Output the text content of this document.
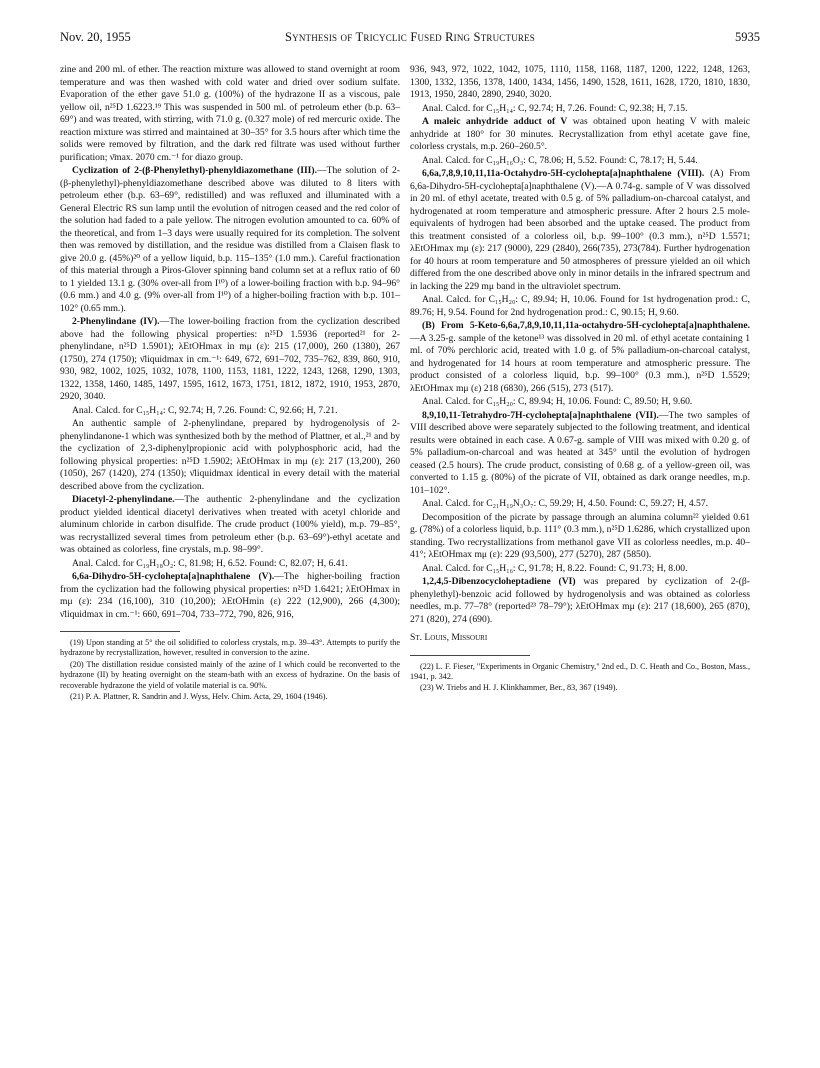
Nov. 20, 1955	Synthesis of Tricyclic Fused Ring Structures	5935

zine and 200 ml. of ether. The reaction mixture was allowed to stand overnight at room temperature and was then washed with cold water and dried over sodium sulfate. Evaporation of the ether gave 51.0 g. (100%) of the hydrazone II as a viscous, pale yellow oil, n²⁵D 1.6223.¹⁹ This was suspended in 500 ml. of petroleum ether (b.p. 63–69°) and was treated, with stirring, with 71.0 g. (0.327 mole) of red mercuric oxide. The reaction mixture was stirred and maintained at 30–35° for 3.5 hours after which time the solids were removed by filtration, and the dark red filtrate was used without further purification; ν̄max. 2070 cm.⁻¹ for diazo group.

Cyclization of 2-(β-Phenylethyl)-phenyldiazomethane (III).—The solution of 2-(β-phenylethyl)-phenyldiazomethane described above was diluted to 8 liters with petroleum ether (b.p. 63–69°, redistilled) and was refluxed and illuminated with a General Electric RS sun lamp until the evolution of nitrogen ceased and the red color of the solution had faded to a pale yellow. The nitrogen evolution amounted to ca. 60% of the theoretical, and from 1–3 days were usually required for its completion. The solvent then was removed by distillation, and the residue was distilled from a Claisen flask to give 20.0 g. (45%)²⁰ of a yellow liquid, b.p. 115–135° (1.0 mm.). Careful fractionation of this material through a Piros-Glover spinning band column set at a reflux ratio of 60 to 1 yielded 13.1 g. (30% over-all from I¹⁰) of a lower-boiling fraction with b.p. 94–96° (0.6 mm.) and 4.0 g. (9% over-all from I¹⁰) of a higher-boiling fraction with b.p. 101–102° (0.65 mm.).

2-Phenylindane (IV).—The lower-boiling fraction from the cyclization described above had the following physical properties: n²⁵D 1.5936 (reported²¹ for 2-phenylindane, n²⁵D 1.5901); λEtOHmax in mμ (ε): 215 (17,000), 260 (1380), 267 (1750), 274 (1750); ν̄liquidmax in cm.⁻¹: 649, 672, 691–702, 735–762, 839, 860, 910, 930, 982, 1002, 1025, 1032, 1078, 1100, 1153, 1181, 1222, 1243, 1268, 1290, 1303, 1322, 1358, 1460, 1485, 1497, 1595, 1612, 1673, 1751, 1812, 1872, 1910, 1953, 2870, 2920, 3040.

Anal. Calcd. for C₁₅H₁₄: C, 92.74; H, 7.26. Found: C, 92.66; H, 7.21.

An authentic sample of 2-phenylindane, prepared by hydrogenolysis of 2-phenylindanone-1 which was synthesized both by the method of Plattner, et al.,²¹ and by the cyclization of 2,3-diphenylpropionic acid with polyphosphoric acid, had the following physical properties: n²⁵D 1.5902; λEtOHmax in mμ (ε): 217 (13,200), 260 (1050), 267 (1420), 274 (1350); ν̄liquidmax identical in every detail with the material described above from the cyclization.

Diacetyl-2-phenylindane.—The authentic 2-phenylindane and the cyclization product yielded identical diacetyl derivatives when treated with acetyl chloride and aluminum chloride in carbon disulfide. The crude product (100% yield), m.p. 79–85°, was recrystallized several times from petroleum ether (b.p. 63–69°)-ethyl acetate and was obtained as colorless, fine crystals, m.p. 98–99°.

Anal. Calcd. for C₁₉H₁₈O₂: C, 81.98; H, 6.52. Found: C, 82.07; H, 6.41.

6,6a-Dihydro-5H-cyclohepta[a]naphthalene (V).—The higher-boiling fraction from the cyclization had the following physical properties: n²⁵D 1.6421; λEtOHmax in mμ (ε): 234 (16,100), 310 (10,200); λEtOHmin (ε) 222 (12,900), 266 (4,300); ν̄liquidmax in cm.⁻¹: 660, 691–704, 733–772, 790, 826, 916,

(19) Upon standing at 5° the oil solidified to colorless crystals, m.p. 39–43°. Attempts to purify the hydrazone by recrystallization, however, resulted in conversion to the azine.

(20) The distillation residue consisted mainly of the azine of I which could be reconverted to the hydrazone (II) by heating overnight on the steam-bath with an excess of hydrazine. On the basis of recoverable hydrazone the yield of volatile material is ca. 90%.

(21) P. A. Plattner, R. Sandrin and J. Wyss, Helv. Chim. Acta, 29, 1604 (1946).

936, 943, 972, 1022, 1042, 1075, 1110, 1158, 1168, 1187, 1200, 1222, 1248, 1263, 1300, 1332, 1356, 1378, 1400, 1434, 1456, 1490, 1528, 1611, 1628, 1720, 1810, 1830, 1913, 1950, 2840, 2890, 2940, 3020.

Anal. Calcd. for C₁₅H₁₄: C, 92.74; H, 7.26. Found: C, 92.38; H, 7.15.

A maleic anhydride adduct of V was obtained upon heating V with maleic anhydride at 180° for 30 minutes. Recrystallization from ethyl acetate gave fine, colorless crystals, m.p. 260–260.5°.

Anal. Calcd. for C₁₉H₁₆O₃: C, 78.06; H, 5.52. Found: C, 78.17; H, 5.44.

6,6a,7,8,9,10,11,11a-Octahydro-5H-cyclohepta[a]naphthalene (VIII). (A) From 6,6a-Dihydro-5H-cyclohepta[a]naphthalene (V).—A 0.74-g. sample of V was dissolved in 20 ml. of ethyl acetate, treated with 0.5 g. of 5% palladium-on-charcoal catalyst, and hydrogenated at room temperature and atmospheric pressure. After 2 hours 2.5 mole-equivalents of hydrogen had been absorbed and the uptake ceased. The product from this treatment consisted of a colorless oil, b.p. 99–100° (0.3 mm.), n²⁵D 1.5571; λEtOHmax mμ (ε): 217 (9000), 229 (2840), 266(735), 273(784). Further hydrogenation for 40 hours at room temperature and 50 atmospheres of pressure yielded an oil which differed from the one described above only in minor details in the infrared spectrum and in lacking the 229 mμ band in the ultraviolet spectrum.

Anal. Calcd. for C₁₅H₂₀: C, 89.94; H, 10.06. Found for 1st hydrogenation prod.: C, 89.76; H, 9.54. Found for 2nd hydrogenation prod.: C, 90.15; H, 9.60.

(B) From 5-Keto-6,6a,7,8,9,10,11,11a-octahydro-5H-cyclohepta[a]naphthalene.—A 3.25-g. sample of the ketone¹³ was dissolved in 20 ml. of ethyl acetate containing 1 ml. of 70% perchloric acid, treated with 1.0 g. of 5% palladium-on-charcoal catalyst, and hydrogenated for 14 hours at room temperature and atmospheric pressure. The product consisted of a colorless liquid, b.p. 99–100° (0.3 mm.), n²⁵D 1.5529; λEtOHmax mμ (ε) 218 (6830), 266 (515), 273 (517).

Anal. Calcd. for C₁₅H₂₀: C, 89.94; H, 10.06. Found: C, 89.50; H, 9.60.

8,9,10,11-Tetrahydro-7H-cyclohepta[a]naphthalene (VII).—The two samples of VIII described above were separately subjected to the following treatment, and identical results were obtained in each case. A 0.67-g. sample of VIII was mixed with 0.20 g. of 5% palladium-on-charcoal and was heated at 345° until the evolution of hydrogen ceased (2.5 hours). The crude product, consisting of 0.68 g. of a yellow-green oil, was converted to 1.15 g. (80%) of the picrate of VII, obtained as dark orange needles, m.p. 101–102°.

Anal. Calcd. for C₂₁H₁₉N₃O₇: C, 59.29; H, 4.50. Found: C, 59.27; H, 4.57.

Decomposition of the picrate by passage through an alumina column²² yielded 0.61 g. (78%) of a colorless liquid, b.p. 111° (0.3 mm.), n²⁵D 1.6286, which crystallized upon standing. Two recrystallizations from methanol gave VII as colorless needles, m.p. 40–41°; λEtOHmax mμ (ε): 229 (93,500), 277 (5270), 287 (5850).

Anal. Calcd. for C₁₅H₁₆: C, 91.78; H, 8.22. Found: C, 91.73; H, 8.00.

1,2,4,5-Dibenzocycloheptadiene (VI) was prepared by cyclization of 2-(β-phenylethyl)-benzoic acid followed by hydrogenolysis and was obtained as colorless needles, m.p. 77–78° (reported²³ 78–79°); λEtOHmax mμ (ε): 217 (18,600), 265 (870), 271 (820), 274 (690).

St. Louis, Missouri

(22) L. F. Fieser, "Experiments in Organic Chemistry," 2nd ed., D. C. Heath and Co., Boston, Mass., 1941, p. 342.

(23) W. Triebs and H. J. Klinkhammer, Ber., 83, 367 (1949).
